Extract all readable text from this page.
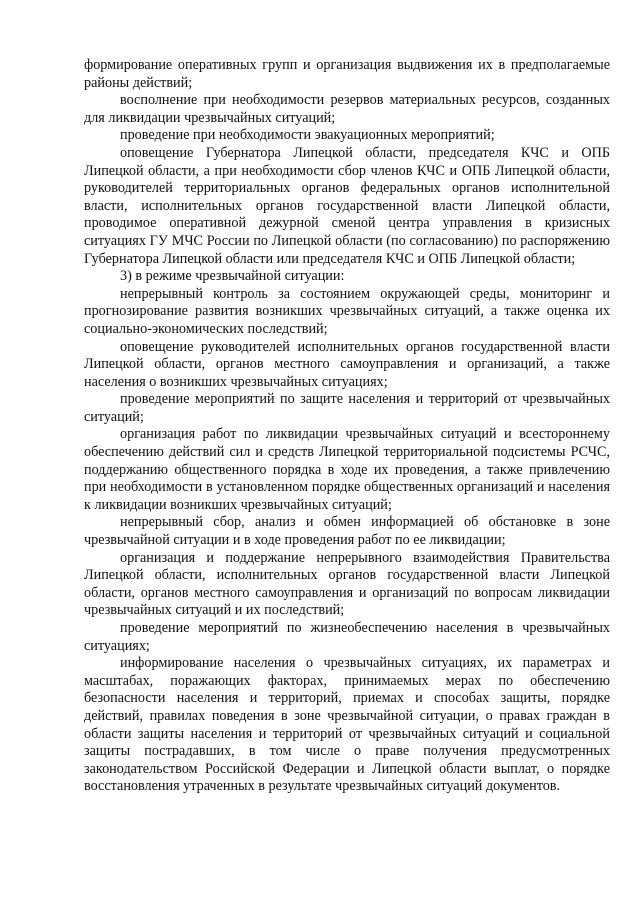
формирование оперативных групп и организация выдвижения их в предполагаемые районы действий;

восполнение при необходимости резервов материальных ресурсов, созданных для ликвидации чрезвычайных ситуаций;

проведение при необходимости эвакуационных мероприятий;

оповещение Губернатора Липецкой области, председателя КЧС и ОПБ Липецкой области, а при необходимости сбор членов КЧС и ОПБ Липецкой области, руководителей территориальных органов федеральных органов исполнительной власти, исполнительных органов государственной власти Липецкой области, проводимое оперативной дежурной сменой центра управления в кризисных ситуациях ГУ МЧС России по Липецкой области (по согласованию) по распоряжению Губернатора Липецкой области или председателя КЧС и ОПБ Липецкой области;

3) в режиме чрезвычайной ситуации:

непрерывный контроль за состоянием окружающей среды, мониторинг и прогнозирование развития возникших чрезвычайных ситуаций, а также оценка их социально-экономических последствий;

оповещение руководителей исполнительных органов государственной власти Липецкой области, органов местного самоуправления и организаций, а также населения о возникших чрезвычайных ситуациях;

проведение мероприятий по защите населения и территорий от чрезвычайных ситуаций;

организация работ по ликвидации чрезвычайных ситуаций и всестороннему обеспечению действий сил и средств Липецкой территориальной подсистемы РСЧС, поддержанию общественного порядка в ходе их проведения, а также привлечению при необходимости в установленном порядке общественных организаций и населения к ликвидации возникших чрезвычайных ситуаций;

непрерывный сбор, анализ и обмен информацией об обстановке в зоне чрезвычайной ситуации и в ходе проведения работ по ее ликвидации;

организация и поддержание непрерывного взаимодействия Правительства Липецкой области, исполнительных органов государственной власти Липецкой области, органов местного самоуправления и организаций по вопросам ликвидации чрезвычайных ситуаций и их последствий;

проведение мероприятий по жизнеобеспечению населения в чрезвычайных ситуациях;

информирование населения о чрезвычайных ситуациях, их параметрах и масштабах, поражающих факторах, принимаемых мерах по обеспечению безопасности населения и территорий, приемах и способах защиты, порядке действий, правилах поведения в зоне чрезвычайной ситуации, о правах граждан в области защиты населения и территорий от чрезвычайных ситуаций и социальной защиты пострадавших, в том числе о праве получения предусмотренных законодательством Российской Федерации и Липецкой области выплат, о порядке восстановления утраченных в результате чрезвычайных ситуаций документов.
